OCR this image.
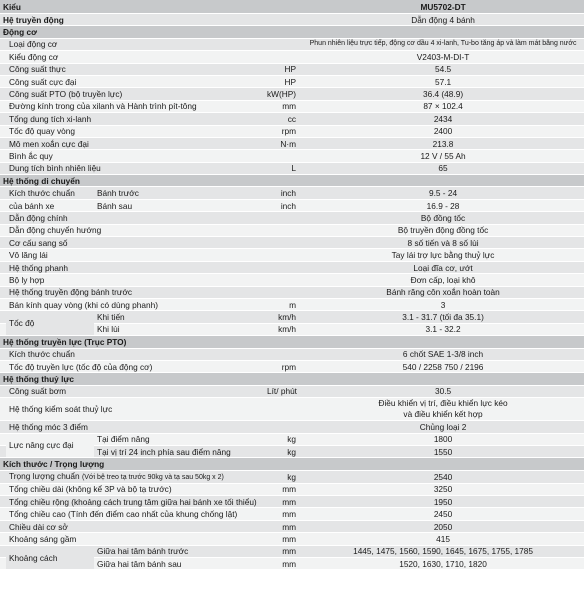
Kiểu				MU5702-DT
Hệ truyền động				Dẫn động 4 bánh
Động cơ				
	Loại động cơ			Phun nhiên liệu trực tiếp, động cơ dầu 4 xi-lanh, Tu-bo tăng áp và làm mát bằng nước
	Kiểu động cơ			V2403-M-DI-T
	Công suất thực		HP	54.5
	Công suất cực đại		HP	57.1
	Công suất PTO (bộ truyền lực)		kW(HP)	36.4 (48.9)
	Đường kính trong của xilanh và Hành trình pít-tông		mm	87 × 102.4
	Tổng dung tích xi-lanh		cc	2434
	Tốc độ quay vòng		rpm	2400
	Mô men xoắn cực đại		N·m	213.8
	Bình ắc quy			12 V / 55 Ah
	Dung tích bình nhiên liệu		L	65
Hệ thống di chuyển				
	Kích thước chuẩn	Bánh trước	inch	9.5 - 24
	của bánh xe	Bánh sau	inch	16.9 - 28
	Dẫn động chính			Bộ đồng tốc
	Dẫn động chuyển hướng			Bộ truyền động đồng tốc
	Cơ cấu sang số			8 số tiến và 8 số lùi
	Vô lăng lái			Tay lái trợ lực bằng thuỷ lực
	Hệ thống phanh			Loại đĩa cơ, ướt
	Bộ ly hợp			Đơn cấp, loại khô
	Hệ thống truyền động bánh trước			Bánh răng côn xoắn hoàn toàn
	Bán kính quay vòng (khi có dùng phanh)		m	3
	Tốc độ	Khi tiến	km/h	3.1 - 31.7 (tối đa 35.1)
		Khi lùi	km/h	3.1 - 32.2
Hệ thống truyền lực (Trục PTO)				
	Kích thước chuẩn			6 chốt SAE 1-3/8 inch
	Tốc độ truyền lực (tốc độ của động cơ)		rpm	540 / 2258 750 / 2196
Hệ thống thuỷ lực				
	Công suất bơm		Lít/ phút	30.5
	Hệ thống kiểm soát thuỷ lực			Điều khiển vị trí, điều khiển lực kéo
và điều khiển kết hợp

	Hệ thống móc 3 điểm			Chủng loại 2
	Lực nâng cực đại	Tại điểm nâng	kg	1800
		Tại vị trí 24 inch phía sau điểm nâng	kg	1550
Kích thước / Trọng lượng				
	Trọng lượng chuẩn (Với bệ treo tạ trước 90kg và tạ sau 50kg x 2)		kg	2540
	Tổng chiều dài (không kể 3P và bộ tạ trước)		mm	3250
	Tổng chiều rộng (khoảng cách trung tâm giữa hai bánh xe tối thiểu)		mm	1950
	Tổng chiều cao (Tính đến điểm cao nhất của khung chống lật)		mm	2450
	Chiều dài cơ sở		mm	2050
	Khoảng sáng gầm		mm	415
	Khoảng cách	Giữa hai tâm bánh trước	mm	1445, 1475, 1560, 1590, 1645, 1675, 1755, 1785
		Giữa hai tâm bánh sau	mm	1520, 1630, 1710, 1820
